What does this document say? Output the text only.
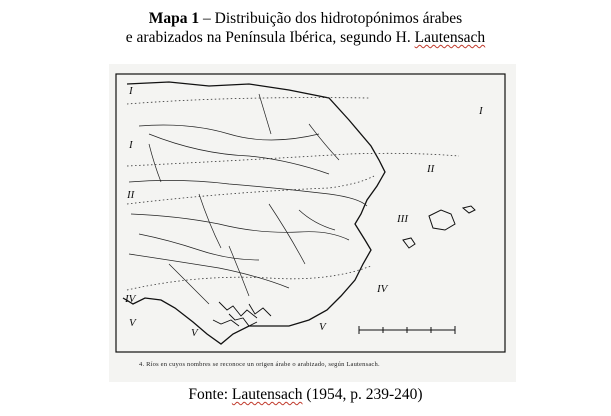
Mapa 1 – Distribuição dos hidrotopónimos árabes
e arabizados na Península Ibérica, segundo H. Lautensach
I
I
II
I
II
III
IV
V	V
V
IV
4. Ríos en cuyos nombres se reconoce un origen árabe o arabizado, según Lautensach.
Fonte: Lautensach (1954, p. 239-240)
